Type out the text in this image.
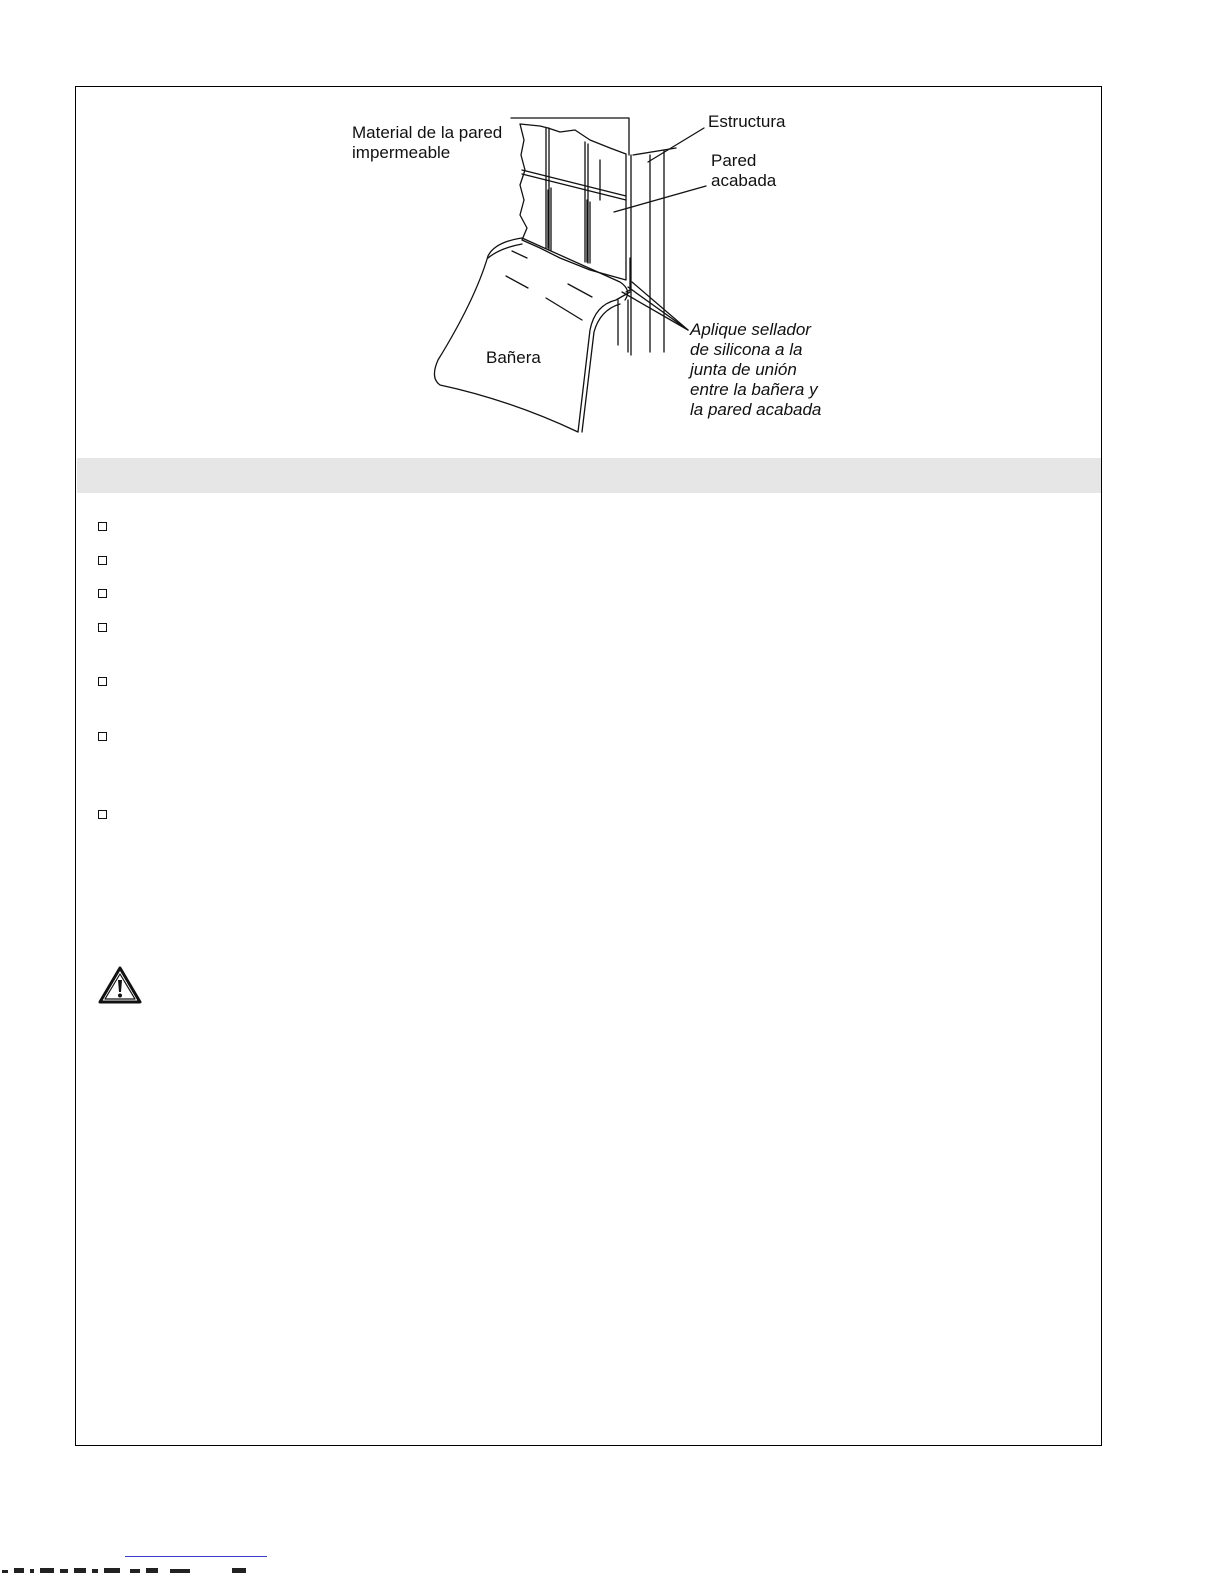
Material de la pared
impermeable
Estructura
Pared
acabada
Bañera
Aplique sellador
de silicona a la
junta de unión
entre la bañera y
la pared acabada
